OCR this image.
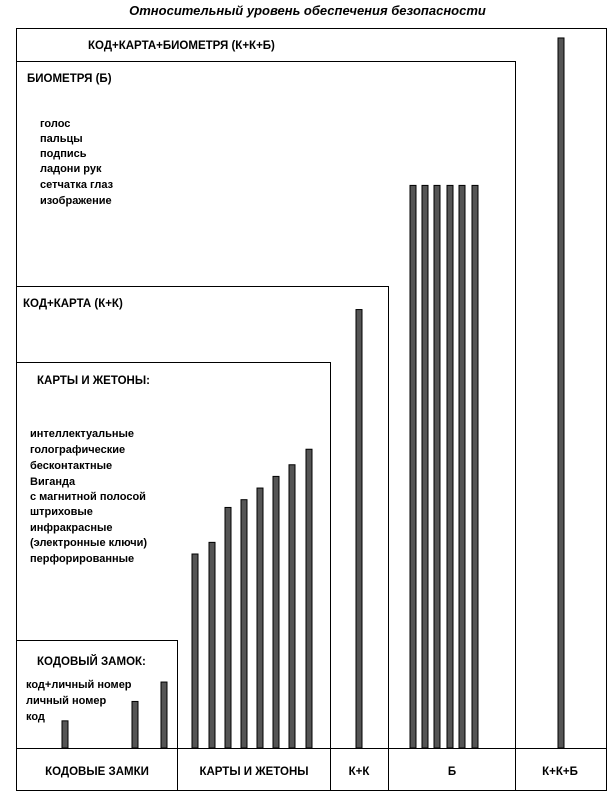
Относительный уровень обеспечения безопасности
КОД+КАРТА+БИОМЕТРЯ (К+К+Б)
БИОМЕТРЯ (Б)
КОД+КАРТА (К+К)
КАРТЫ И ЖЕТОНЫ:
КОДОВЫЙ ЗАМОК:
голос
пальцы
подпись
ладони рук
сетчатка глаз
изображение
интеллектуальные
голографические
бесконтактные
Виганда
с магнитной полосой
штриховые
инфракрасные
(электронные ключи)
перфорированные
код+личный номер
личный номер
код
КОДОВЫЕ ЗАМКИ	КАРТЫ И ЖЕТОНЫ	К+К	Б	К+К+Б
